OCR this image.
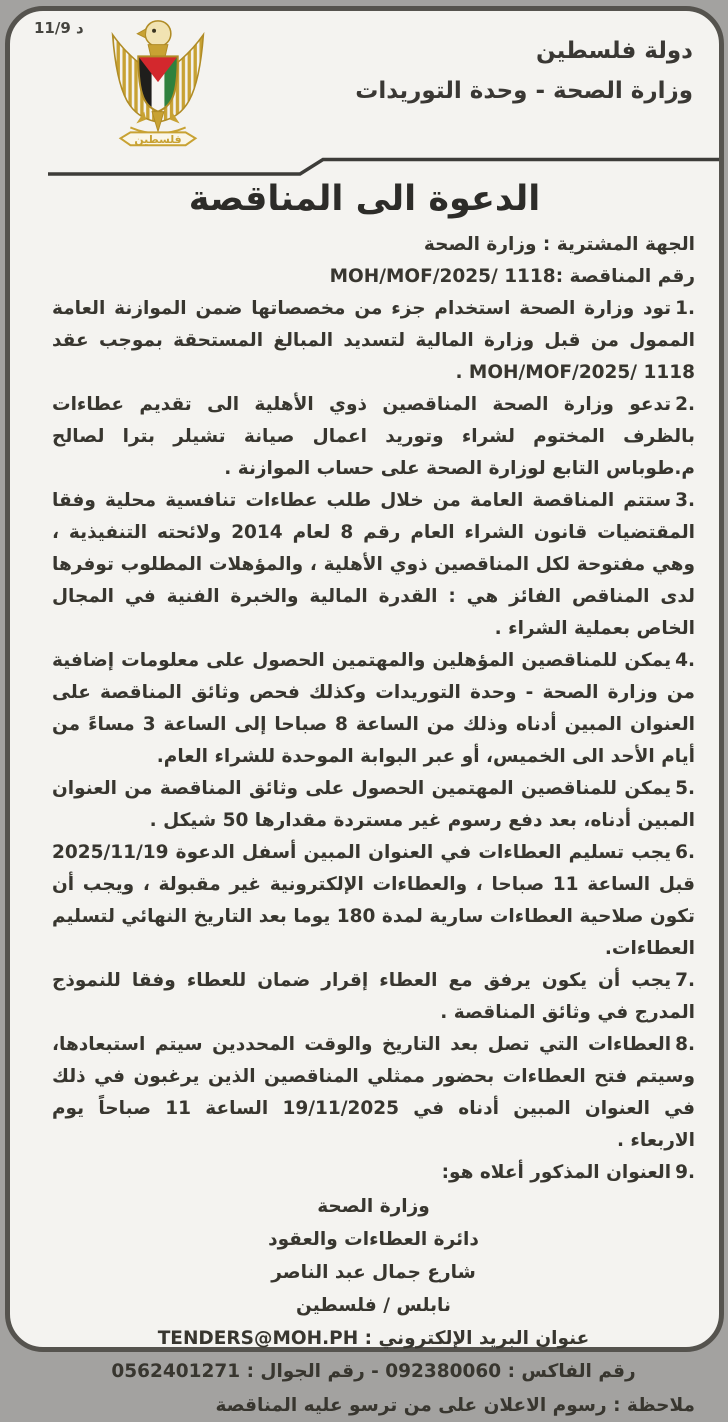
د 11/9
فلسطين
دولة فلسطين
وزارة الصحة - وحدة التوريدات
الدعوة الى المناقصة

الجهة المشترية : وزارة الصحة

رقم المناقصة :MOH/MOF/2025/ 1118

1.تود وزارة الصحة استخدام جزء من مخصصاتها ضمن الموازنة العامة الممول من قبل وزارة المالية لتسديد المبالغ المستحقة بموجب عقد MOH/MOF/2025/ 1118 .

2.تدعو وزارة الصحة المناقصين ذوي الأهلية الى تقديم عطاءات بالظرف المختوم لشراء وتوريد اعمال صيانة تشيلر بترا لصالح م.طوباس التابع لوزارة الصحة على حساب الموازنة .

3.ستتم المناقصة العامة من خلال طلب عطاءات تنافسية محلية وفقا المقتضيات قانون الشراء العام رقم 8 لعام 2014 ولائحته التنفيذية ، وهي مفتوحة لكل المناقصين ذوي الأهلية ، والمؤهلات المطلوب توفرها لدى المناقص الفائز هي : القدرة المالية والخبرة الفنية في المجال الخاص بعملية الشراء .

4.يمكن للمناقصين المؤهلين والمهتمين الحصول على معلومات إضافية من وزارة الصحة - وحدة التوريدات وكذلك فحص وثائق المناقصة على العنوان المبين أدناه وذلك من الساعة 8 صباحا إلى الساعة 3 مساءً من أيام الأحد الى الخميس، أو عبر البوابة الموحدة للشراء العام.

5.يمكن للمناقصين المهتمين الحصول على وثائق المناقصة من العنوان المبين أدناه، بعد دفع رسوم غير مستردة مقدارها 50 شيكل .

6.يجب تسليم العطاءات في العنوان المبين أسفل الدعوة 2025/11/19 قبل الساعة 11 صباحا ، والعطاءات الإلكترونية غير مقبولة ، ويجب أن تكون صلاحية العطاءات سارية لمدة 180 يوما بعد التاريخ النهائي لتسليم العطاءات.

7.يجب أن يكون يرفق مع العطاء إقرار ضمان للعطاء وفقا للنموذج المدرج في وثائق المناقصة .

8.العطاءات التي تصل بعد التاريخ والوقت المحددين سيتم استبعادها، وسيتم فتح العطاءات بحضور ممثلي المناقصين الذين يرغبون في ذلك في العنوان المبين أدناه في 19/11/2025 الساعة 11 صباحاً يوم الاربعاء .

9.العنوان المذكور أعلاه هو:

وزارة الصحة
دائرة العطاءات والعقود
شارع جمال عبد الناصر
نابلس / فلسطين
عنوان البريد الإلكتروني : TENDERS@MOH.PH
رقم الفاكس : 092380060 - رقم الجوال : 0562401271
ملاحظة : رسوم الاعلان على من ترسو عليه المناقصة
